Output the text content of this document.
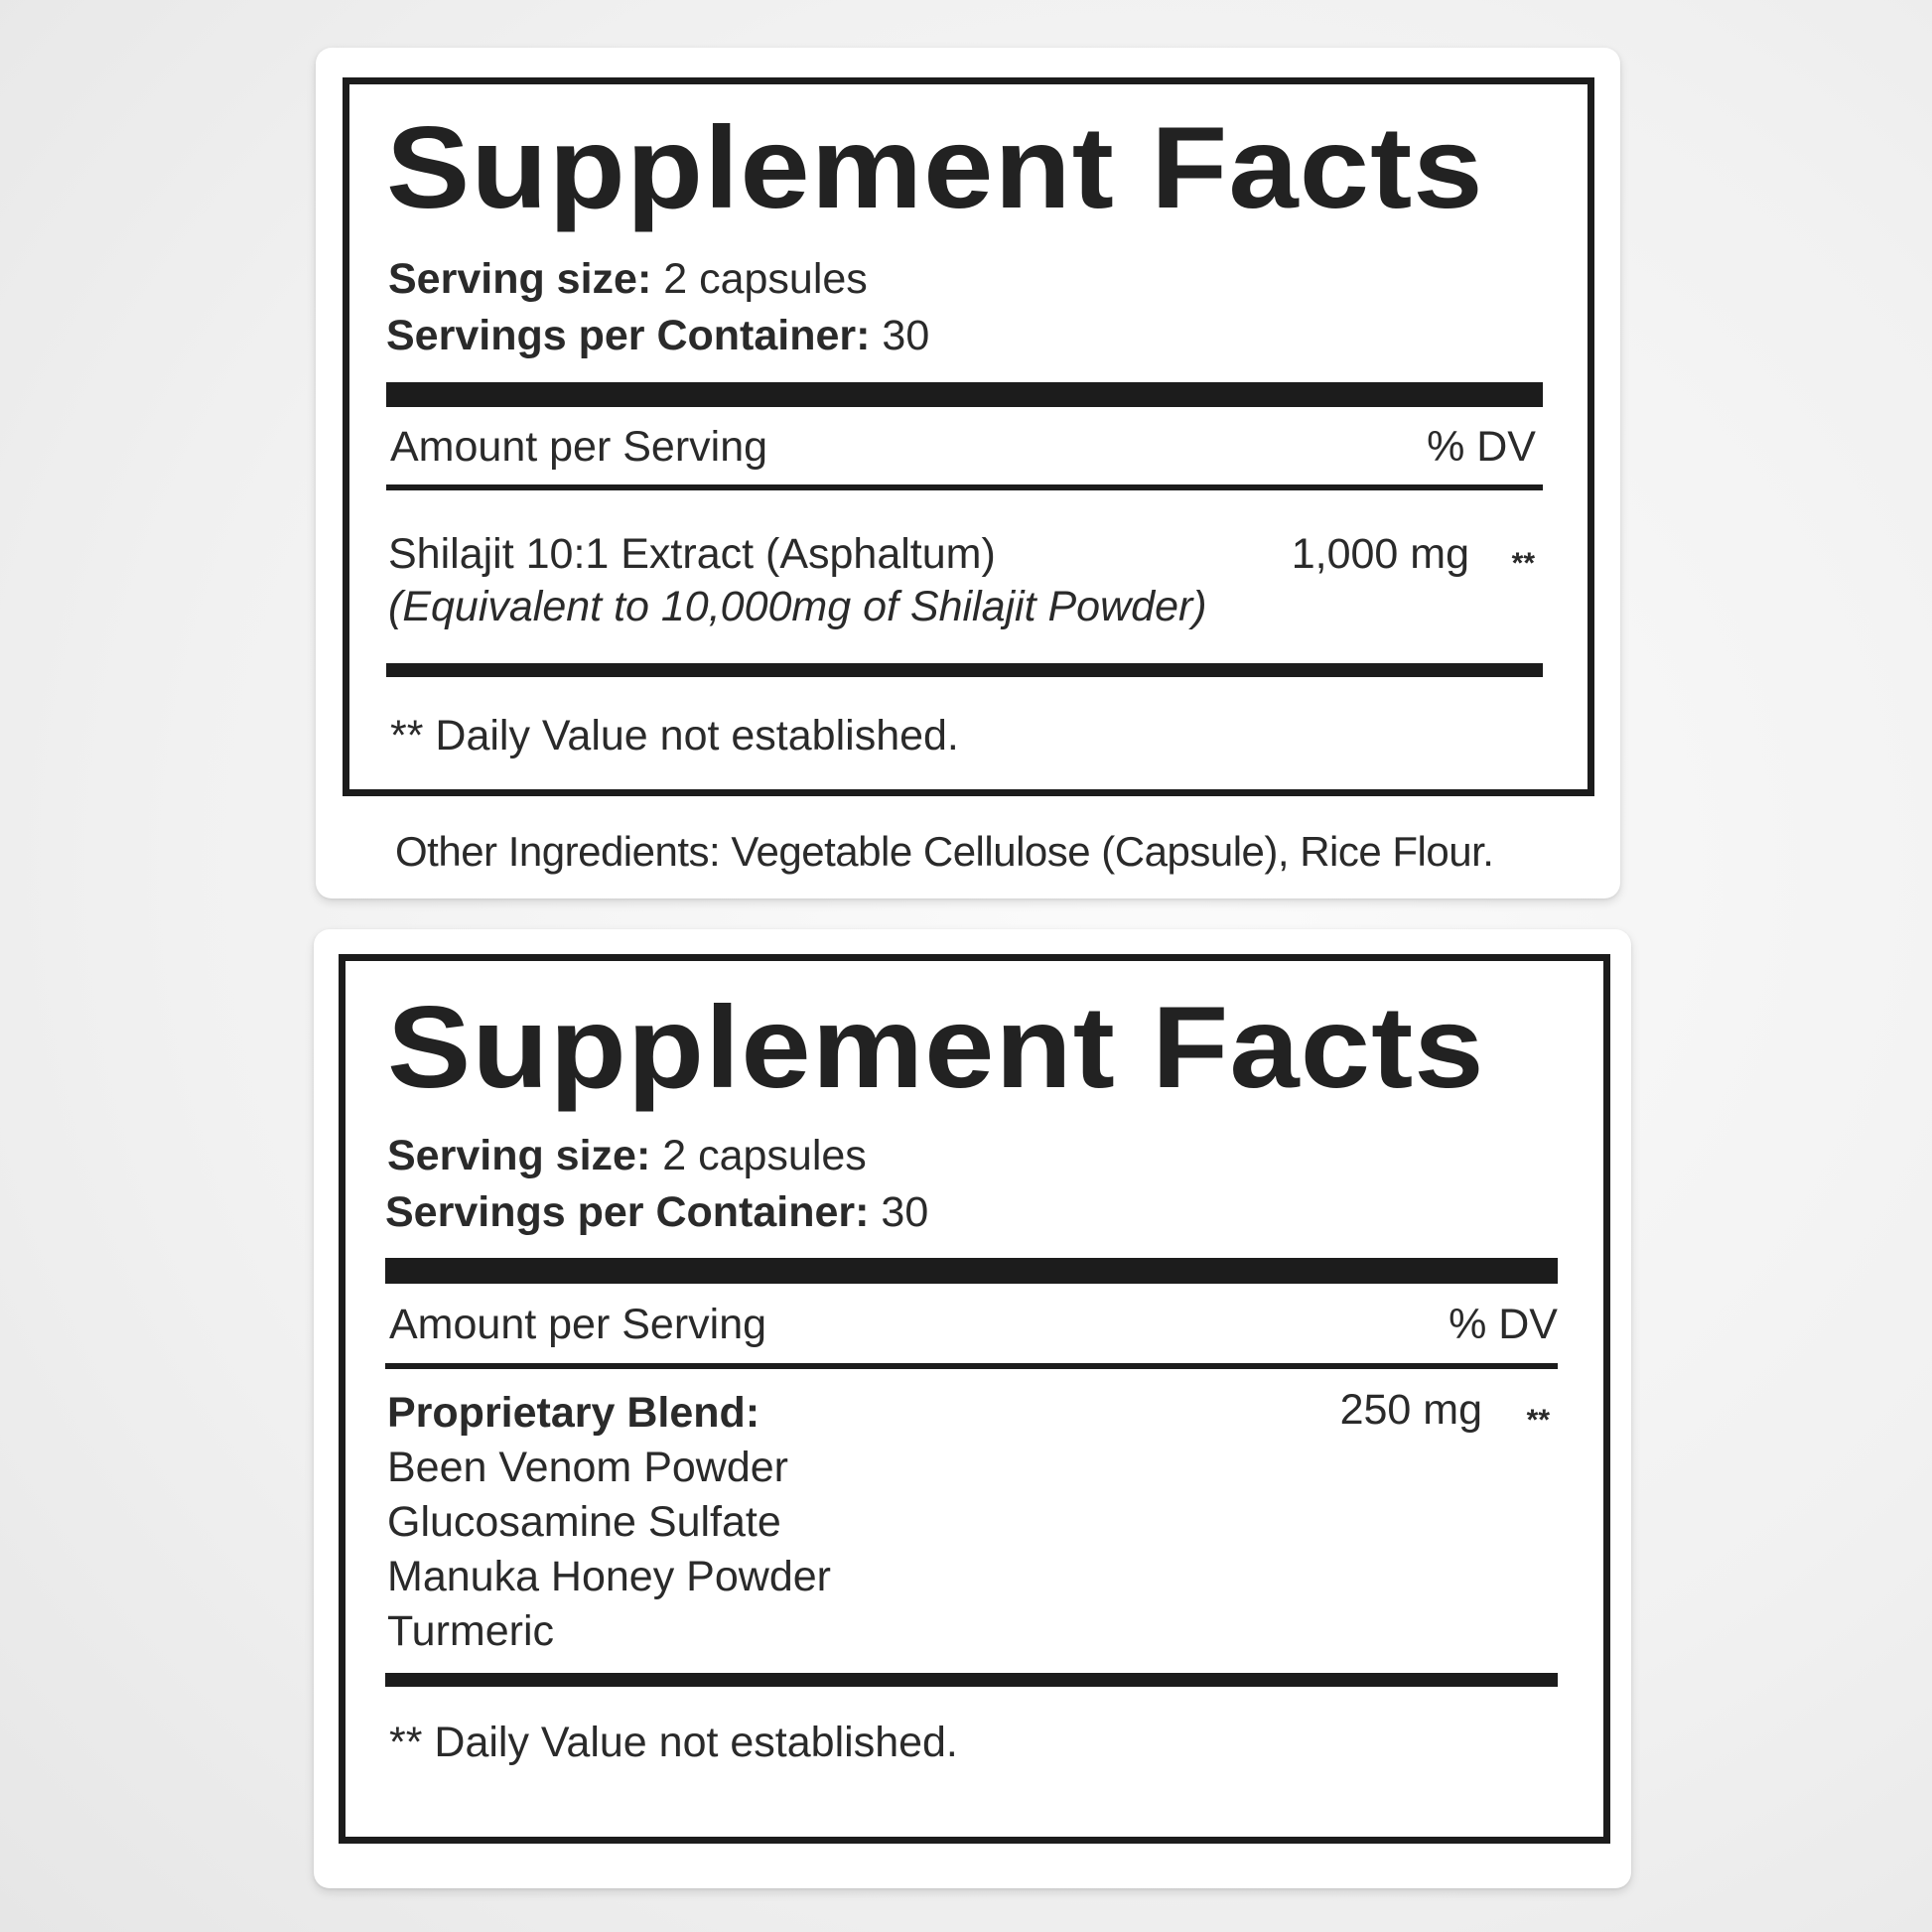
Supplement Facts
Serving size: 2 capsules
Servings per Container: 30
Amount per Serving	% DV
Shilajit 10:1 Extract (Asphaltum)
(Equivalent to 10,000mg of Shilajit Powder)
1,000 mg **
** Daily Value not established.
Other Ingredients: Vegetable Cellulose (Capsule), Rice Flour.
Supplement Facts
Serving size: 2 capsules
Servings per Container: 30
Amount per Serving	% DV
Proprietary Blend:
Been Venom Powder
Glucosamine Sulfate
Manuka Honey Powder
Turmeric
250 mg **
** Daily Value not established.
